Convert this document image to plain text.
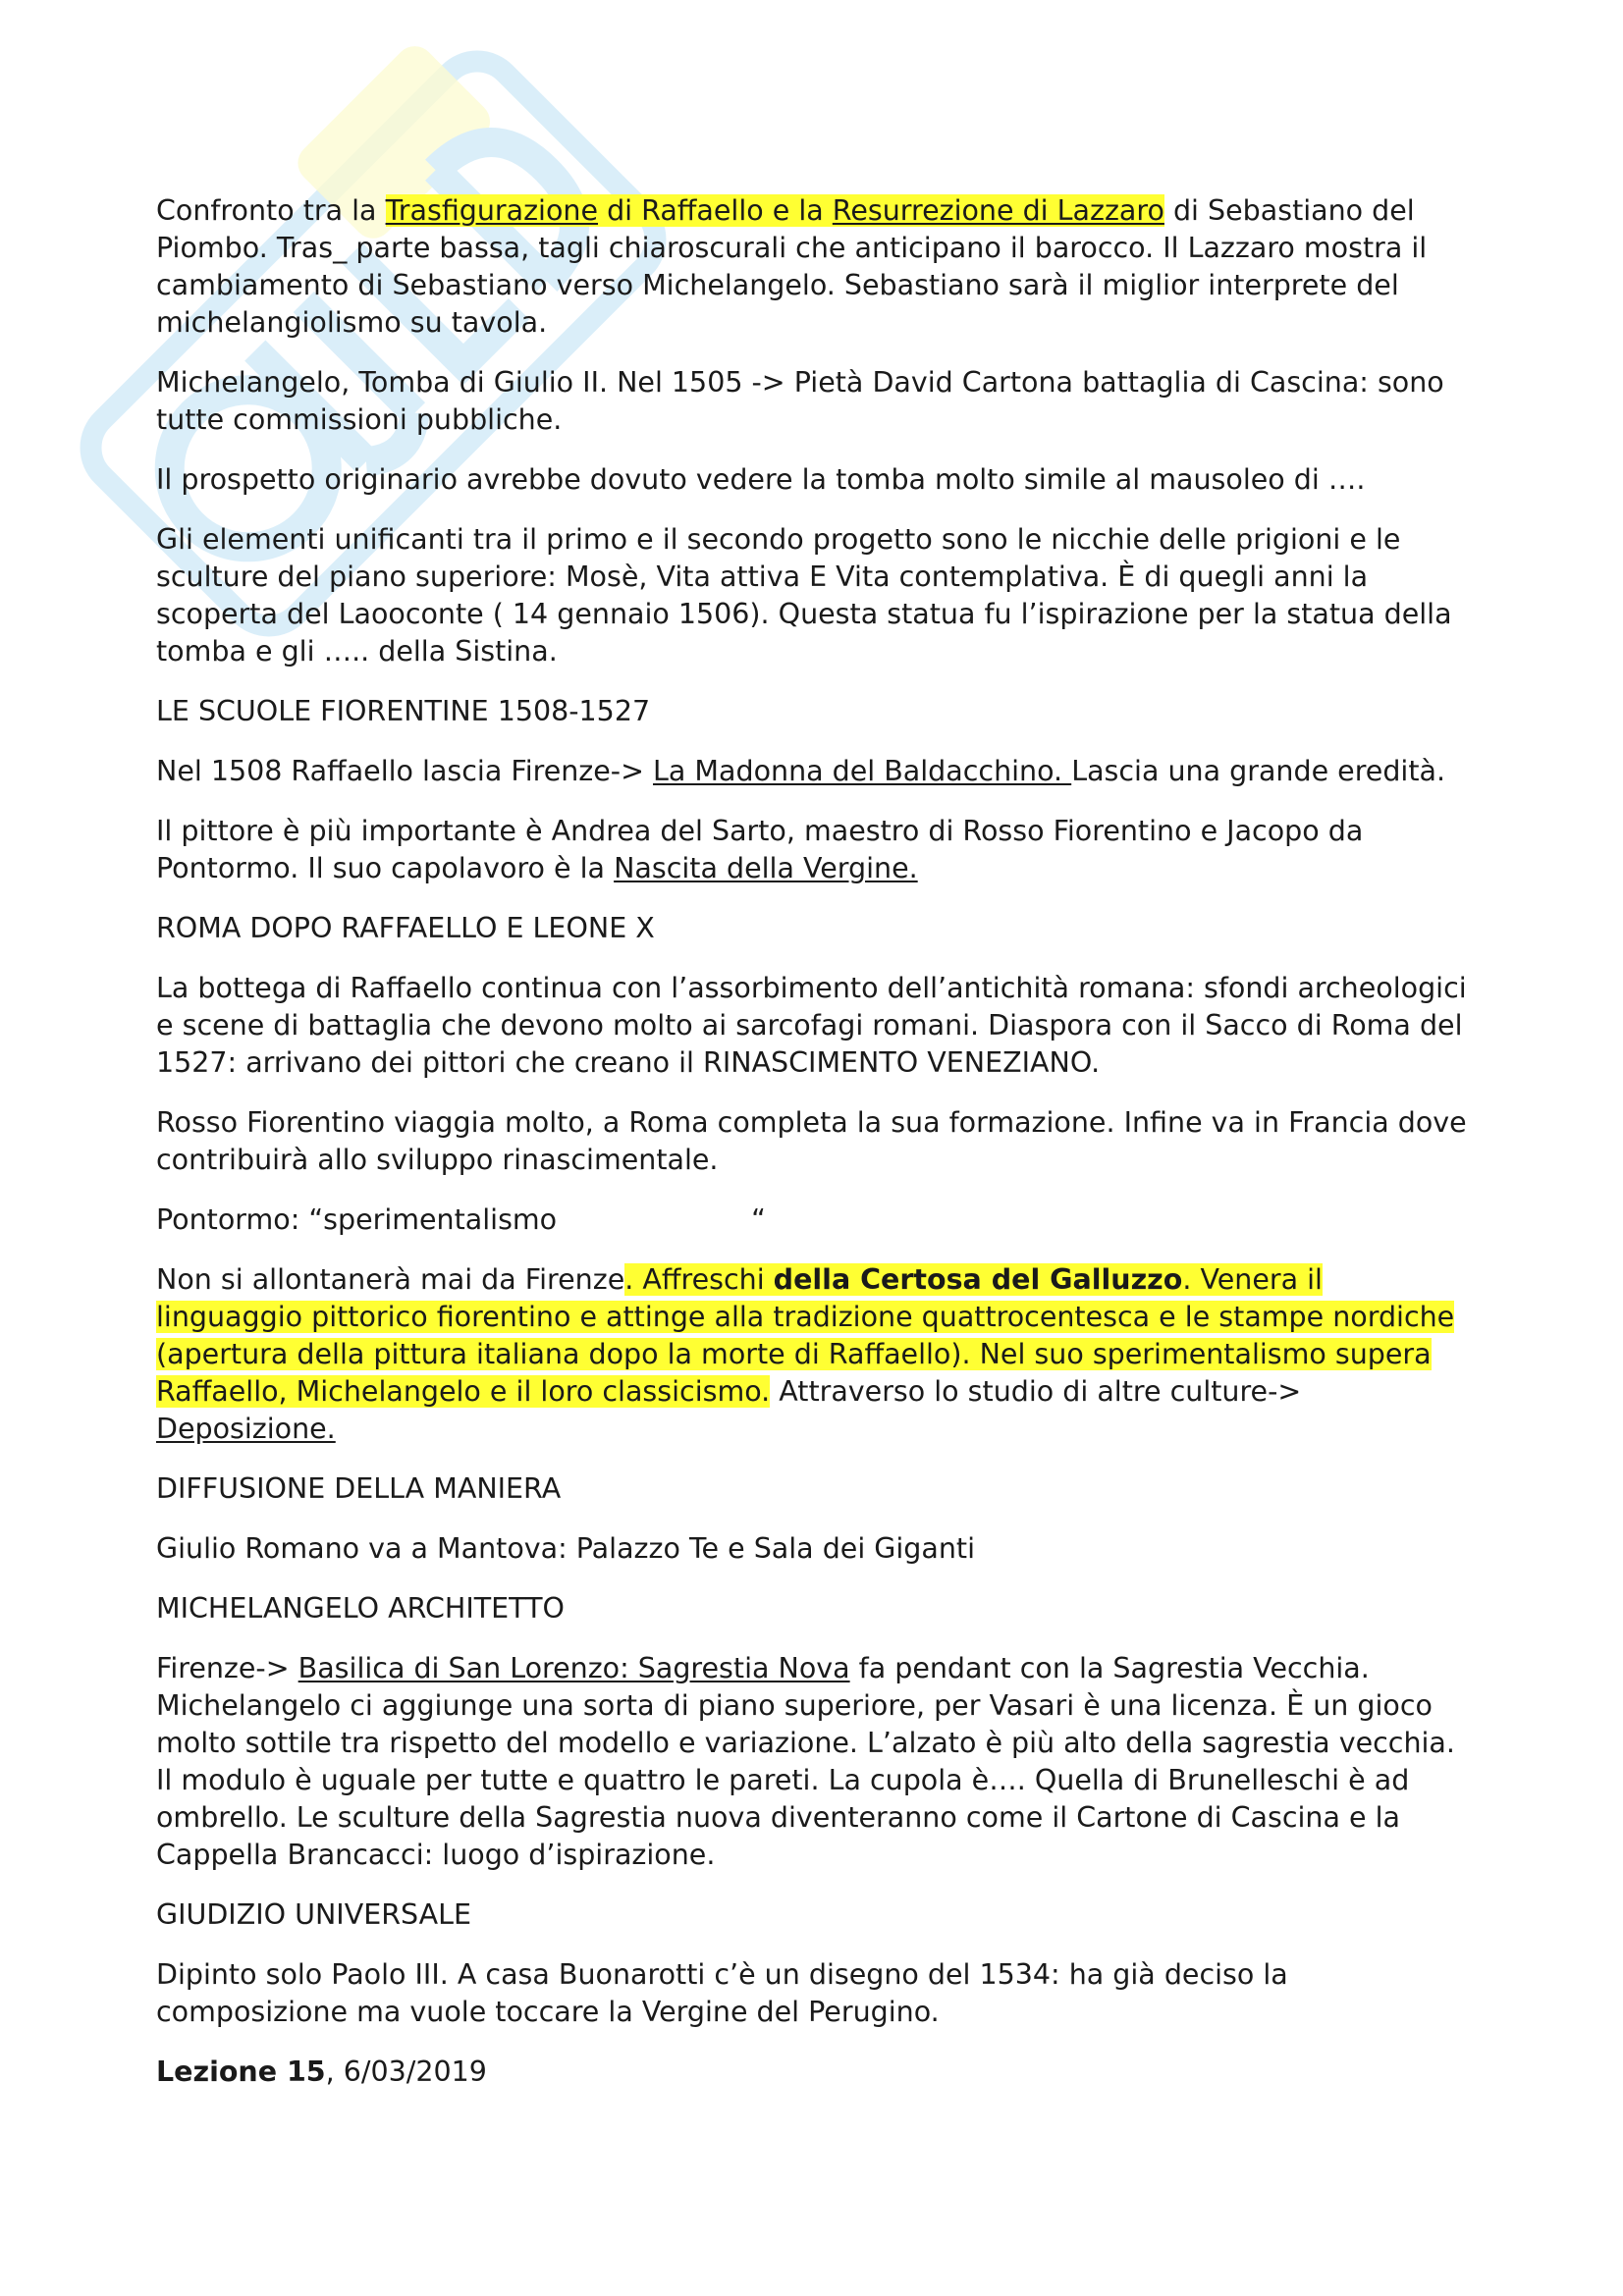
Confronto tra la Trasfigurazione di Raffaello e la Resurrezione di Lazzaro di Sebastiano del Piombo. Tras_ parte bassa, tagli chiaroscurali che anticipano il barocco. Il Lazzaro mostra il cambiamento di Sebastiano verso Michelangelo. Sebastiano sarà il miglior interprete del michelangiolismo su tavola.

Michelangelo, Tomba di Giulio II. Nel 1505 -> Pietà David Cartona battaglia di Cascina: sono tutte commissioni pubbliche.

Il prospetto originario avrebbe dovuto vedere la tomba molto simile al mausoleo di ….

Gli elementi unificanti tra il primo e il secondo progetto sono le nicchie delle prigioni e le sculture del piano superiore: Mosè, Vita attiva E Vita contemplativa. È di quegli anni la scoperta del Laooconte ( 14 gennaio 1506). Questa statua fu l’ispirazione per la statua della tomba e gli ….. della Sistina.

LE SCUOLE FIORENTINE 1508-1527

Nel 1508 Raffaello lascia Firenze-> La Madonna del Baldacchino. Lascia una grande eredità.

Il pittore è più importante è Andrea del Sarto, maestro di Rosso Fiorentino e Jacopo da Pontormo. Il suo capolavoro è la Nascita della Vergine.

ROMA DOPO RAFFAELLO E LEONE X

La bottega di Raffaello continua con l’assorbimento dell’antichità romana: sfondi archeologici e scene di battaglia che devono molto ai sarcofagi romani. Diaspora con il Sacco di Roma del 1527: arrivano dei pittori che creano il RINASCIMENTO VENEZIANO.

Rosso Fiorentino viaggia molto, a Roma completa la sua formazione. Infine va in Francia dove contribuirà allo sviluppo rinascimentale.

Pontormo: “sperimentalismo	“

Non si allontanerà mai da Firenze. Affreschi della Certosa del Galluzzo. Venera il linguaggio pittorico fiorentino e attinge alla tradizione quattrocentesca e le stampe nordiche (apertura della pittura italiana dopo la morte di Raffaello). Nel suo sperimentalismo supera Raffaello, Michelangelo e il loro classicismo. Attraverso lo studio di altre culture-> Deposizione.

DIFFUSIONE DELLA MANIERA

Giulio Romano va a Mantova: Palazzo Te e Sala dei Giganti

MICHELANGELO ARCHITETTO

Firenze-> Basilica di San Lorenzo: Sagrestia Nova fa pendant con la Sagrestia Vecchia. Michelangelo ci aggiunge una sorta di piano superiore, per Vasari è una licenza. È un gioco molto sottile tra rispetto del modello e variazione. L’alzato è più alto della sagrestia vecchia. Il modulo è uguale per tutte e quattro le pareti. La cupola è…. Quella di Brunelleschi è ad ombrello. Le sculture della Sagrestia nuova diventeranno come il Cartone di Cascina e la Cappella Brancacci: luogo d’ispirazione.

GIUDIZIO UNIVERSALE

Dipinto solo Paolo III. A casa Buonarotti c’è un disegno del 1534: ha già deciso la composizione ma vuole toccare la Vergine del Perugino.

Lezione 15, 6/03/2019
